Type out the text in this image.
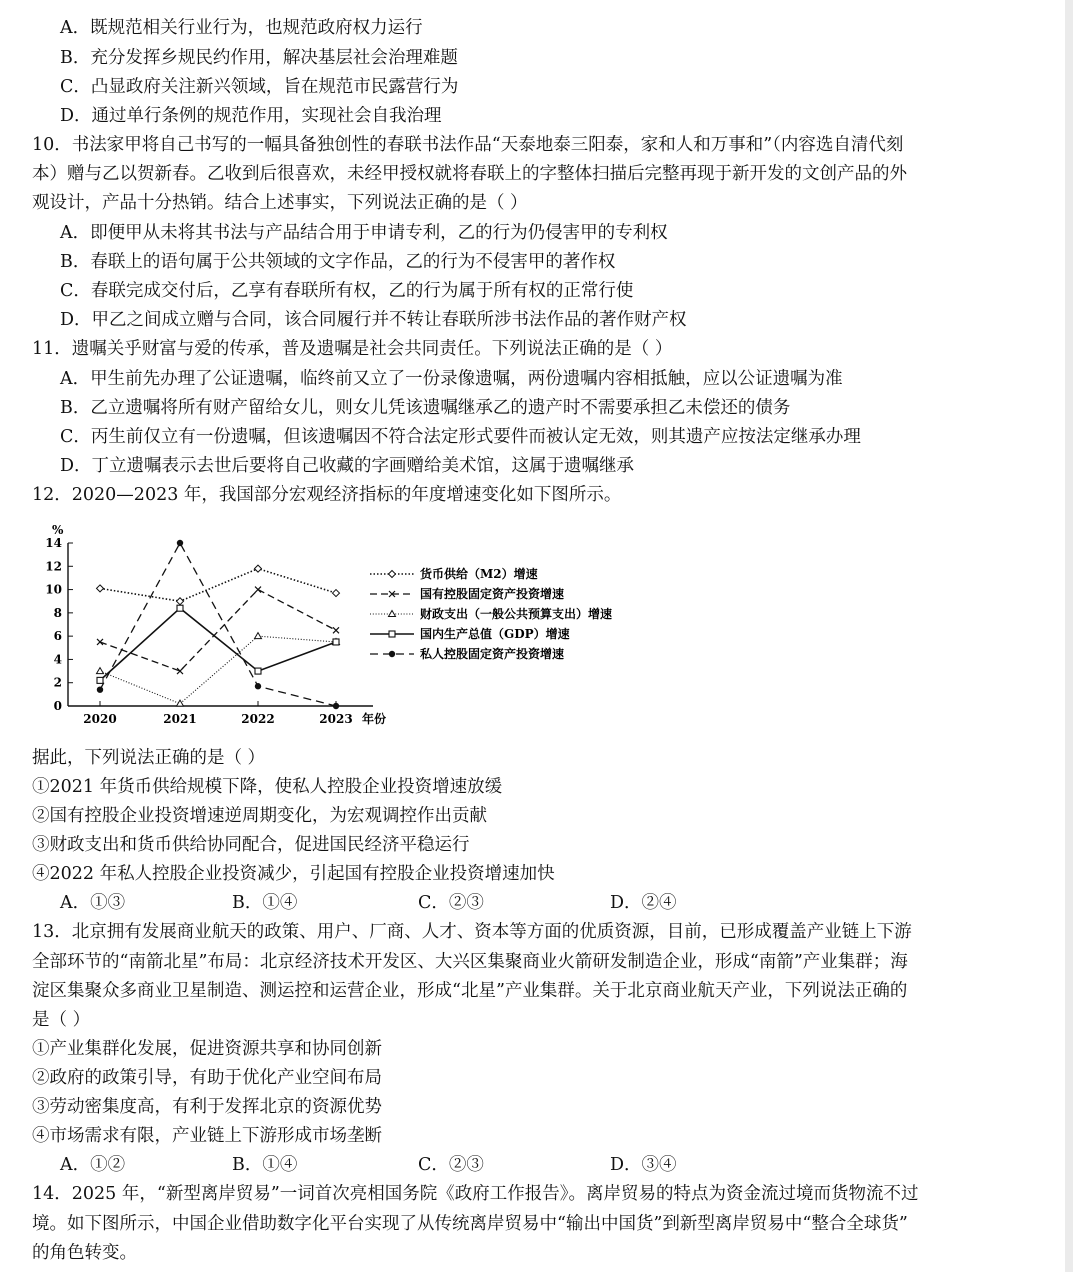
A．既规范相关行业行为，也规范政府权力运行
B．充分发挥乡规民约作用，解决基层社会治理难题
C．凸显政府关注新兴领域，旨在规范市民露营行为
D．通过单行条例的规范作用，实现社会自我治理
10．书法家甲将自己书写的一幅具备独创性的春联书法作品“天泰地泰三阳泰，家和人和万事和”（内容选自清代刻
本）赠与乙以贺新春。乙收到后很喜欢，未经甲授权就将春联上的字整体扫描后完整再现于新开发的文创产品的外
观设计，产品十分热销。结合上述事实，下列说法正确的是（ ）
A．即便甲从未将其书法与产品结合用于申请专利，乙的行为仍侵害甲的专利权
B．春联上的语句属于公共领域的文字作品，乙的行为不侵害甲的著作权
C．春联完成交付后，乙享有春联所有权，乙的行为属于所有权的正常行使
D．甲乙之间成立赠与合同，该合同履行并不转让春联所涉书法作品的著作财产权
11．遗嘱关乎财富与爱的传承，普及遗嘱是社会共同责任。下列说法正确的是（ ）
A．甲生前先办理了公证遗嘱，临终前又立了一份录像遗嘱，两份遗嘱内容相抵触，应以公证遗嘱为准
B．乙立遗嘱将所有财产留给女儿，则女儿凭该遗嘱继承乙的遗产时不需要承担乙未偿还的债务
C．丙生前仅立有一份遗嘱，但该遗嘱因不符合法定形式要件而被认定无效，则其遗产应按法定继承办理
D．丁立遗嘱表示去世后要将自己收藏的字画赠给美术馆，这属于遗嘱继承
12．2020—2023 年，我国部分宏观经济指标的年度增速变化如下图所示。
0
2
4
6
8
10
12
14
%
2020	2021	2022	2023 年份
货币供给（M2）增速
国有控股固定资产投资增速
财政支出（一般公共预算支出）增速
国内生产总值（GDP）增速
私人控股固定资产投资增速
据此，下列说法正确的是（ ）
①2021 年货币供给规模下降，使私人控股企业投资增速放缓
②国有控股企业投资增速逆周期变化，为宏观调控作出贡献
③财政支出和货币供给协同配合，促进国民经济平稳运行
④2022 年私人控股企业投资减少，引起国有控股企业投资增速加快
A．①③	B．①④	C．②③	D．②④
13．北京拥有发展商业航天的政策、用户、厂商、人才、资本等方面的优质资源，目前，已形成覆盖产业链上下游
全部环节的“南箭北星”布局：北京经济技术开发区、大兴区集聚商业火箭研发制造企业，形成“南箭”产业集群；海
淀区集聚众多商业卫星制造、测运控和运营企业，形成“北星”产业集群。关于北京商业航天产业，下列说法正确的
是（ ）
①产业集群化发展，促进资源共享和协同创新
②政府的政策引导，有助于优化产业空间布局
③劳动密集度高，有利于发挥北京的资源优势
④市场需求有限，产业链上下游形成市场垄断
A．①②	B．①④	C．②③	D．③④
14．2025 年，“新型离岸贸易”一词首次亮相国务院《政府工作报告》。离岸贸易的特点为资金流过境而货物流不过
境。如下图所示，中国企业借助数字化平台实现了从传统离岸贸易中“输出中国货”到新型离岸贸易中“整合全球货”
的角色转变。
